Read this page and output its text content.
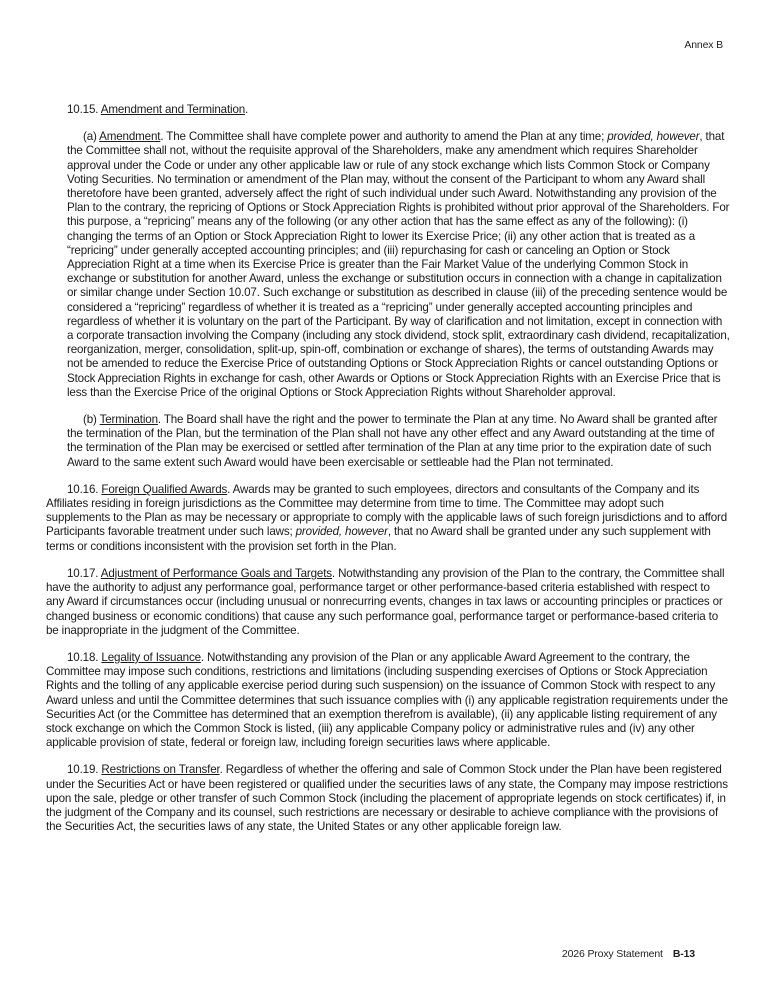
Annex B

10.15. Amendment and Termination.

(a) Amendment. The Committee shall have complete power and authority to amend the Plan at any time; provided, however, that the Committee shall not, without the requisite approval of the Shareholders, make any amendment which requires Shareholder approval under the Code or under any other applicable law or rule of any stock exchange which lists Common Stock or Company Voting Securities. No termination or amendment of the Plan may, without the consent of the Participant to whom any Award shall theretofore have been granted, adversely affect the right of such individual under such Award. Notwithstanding any provision of the Plan to the contrary, the repricing of Options or Stock Appreciation Rights is prohibited without prior approval of the Shareholders. For this purpose, a “repricing” means any of the following (or any other action that has the same effect as any of the following): (i) changing the terms of an Option or Stock Appreciation Right to lower its Exercise Price; (ii) any other action that is treated as a “repricing” under generally accepted accounting principles; and (iii) repurchasing for cash or canceling an Option or Stock Appreciation Right at a time when its Exercise Price is greater than the Fair Market Value of the underlying Common Stock in exchange or substitution for another Award, unless the exchange or substitution occurs in connection with a change in capitalization or similar change under Section 10.07. Such exchange or substitution as described in clause (iii) of the preceding sentence would be considered a “repricing” regardless of whether it is treated as a “repricing” under generally accepted accounting principles and regardless of whether it is voluntary on the part of the Participant. By way of clarification and not limitation, except in connection with a corporate transaction involving the Company (including any stock dividend, stock split, extraordinary cash dividend, recapitalization, reorganization, merger, consolidation, split-up, spin-off, combination or exchange of shares), the terms of outstanding Awards may not be amended to reduce the Exercise Price of outstanding Options or Stock Appreciation Rights or cancel outstanding Options or Stock Appreciation Rights in exchange for cash, other Awards or Options or Stock Appreciation Rights with an Exercise Price that is less than the Exercise Price of the original Options or Stock Appreciation Rights without Shareholder approval.

(b) Termination. The Board shall have the right and the power to terminate the Plan at any time. No Award shall be granted after the termination of the Plan, but the termination of the Plan shall not have any other effect and any Award outstanding at the time of the termination of the Plan may be exercised or settled after termination of the Plan at any time prior to the expiration date of such Award to the same extent such Award would have been exercisable or settleable had the Plan not terminated.

10.16. Foreign Qualified Awards. Awards may be granted to such employees, directors and consultants of the Company and its Affiliates residing in foreign jurisdictions as the Committee may determine from time to time. The Committee may adopt such supplements to the Plan as may be necessary or appropriate to comply with the applicable laws of such foreign jurisdictions and to afford Participants favorable treatment under such laws; provided, however, that no Award shall be granted under any such supplement with terms or conditions inconsistent with the provision set forth in the Plan.

10.17. Adjustment of Performance Goals and Targets. Notwithstanding any provision of the Plan to the contrary, the Committee shall have the authority to adjust any performance goal, performance target or other performance-based criteria established with respect to any Award if circumstances occur (including unusual or nonrecurring events, changes in tax laws or accounting principles or practices or changed business or economic conditions) that cause any such performance goal, performance target or performance-based criteria to be inappropriate in the judgment of the Committee.

10.18. Legality of Issuance. Notwithstanding any provision of the Plan or any applicable Award Agreement to the contrary, the Committee may impose such conditions, restrictions and limitations (including suspending exercises of Options or Stock Appreciation Rights and the tolling of any applicable exercise period during such suspension) on the issuance of Common Stock with respect to any Award unless and until the Committee determines that such issuance complies with (i) any applicable registration requirements under the Securities Act (or the Committee has determined that an exemption therefrom is available), (ii) any applicable listing requirement of any stock exchange on which the Common Stock is listed, (iii) any applicable Company policy or administrative rules and (iv) any other applicable provision of state, federal or foreign law, including foreign securities laws where applicable.

10.19. Restrictions on Transfer. Regardless of whether the offering and sale of Common Stock under the Plan have been registered under the Securities Act or have been registered or qualified under the securities laws of any state, the Company may impose restrictions upon the sale, pledge or other transfer of such Common Stock (including the placement of appropriate legends on stock certificates) if, in the judgment of the Company and its counsel, such restrictions are necessary or desirable to achieve compliance with the provisions of the Securities Act, the securities laws of any state, the United States or any other applicable foreign law.

2026 Proxy Statement B-13
